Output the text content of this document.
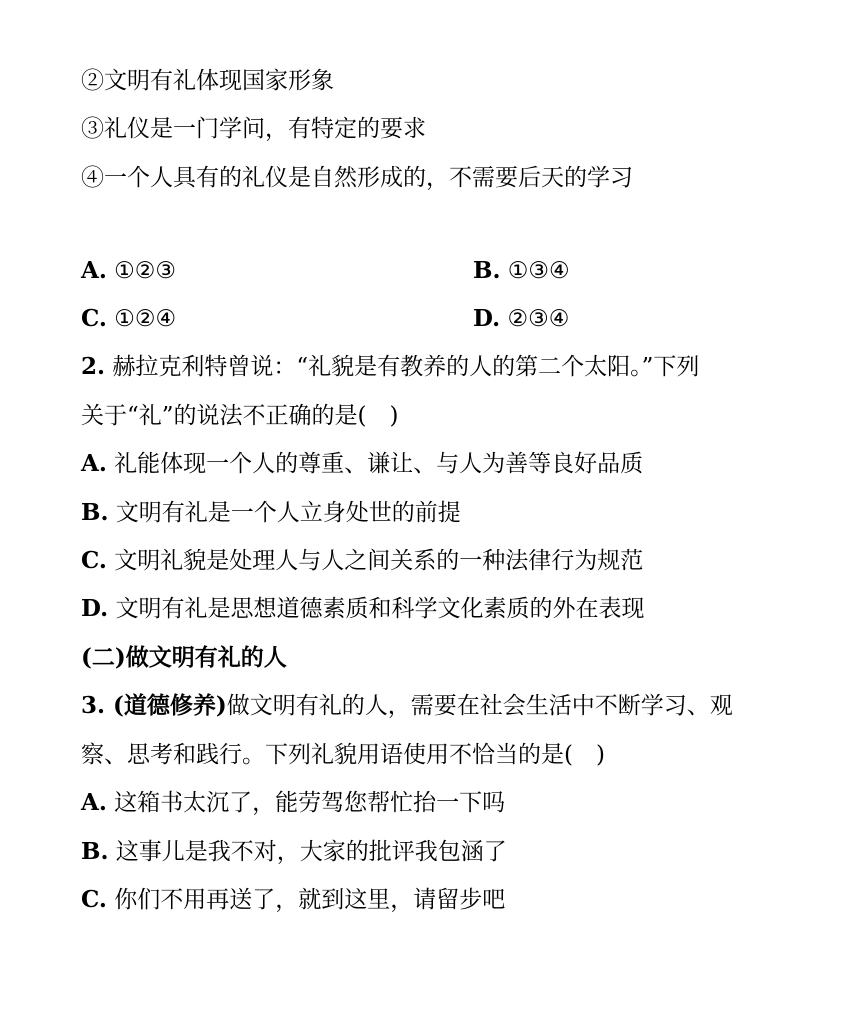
②文明有礼体现国家形象
③礼仪是一门学问，有特定的要求
④一个人具有的礼仪是自然形成的，不需要后天的学习
A. ①②③	B. ①③④
C. ①②④	D. ②③④
2. 赫拉克利特曾说：“礼貌是有教养的人的第二个太阳。”下列
关于“礼”的说法不正确的是(　)
A. 礼能体现一个人的尊重、谦让、与人为善等良好品质
B. 文明有礼是一个人立身处世的前提
C. 文明礼貌是处理人与人之间关系的一种法律行为规范
D. 文明有礼是思想道德素质和科学文化素质的外在表现
(二)做文明有礼的人
3. (道德修养)做文明有礼的人，需要在社会生活中不断学习、观
察、思考和践行。下列礼貌用语使用不恰当的是(　)
A. 这箱书太沉了，能劳驾您帮忙抬一下吗
B. 这事儿是我不对，大家的批评我包涵了
C. 你们不用再送了，就到这里，请留步吧
